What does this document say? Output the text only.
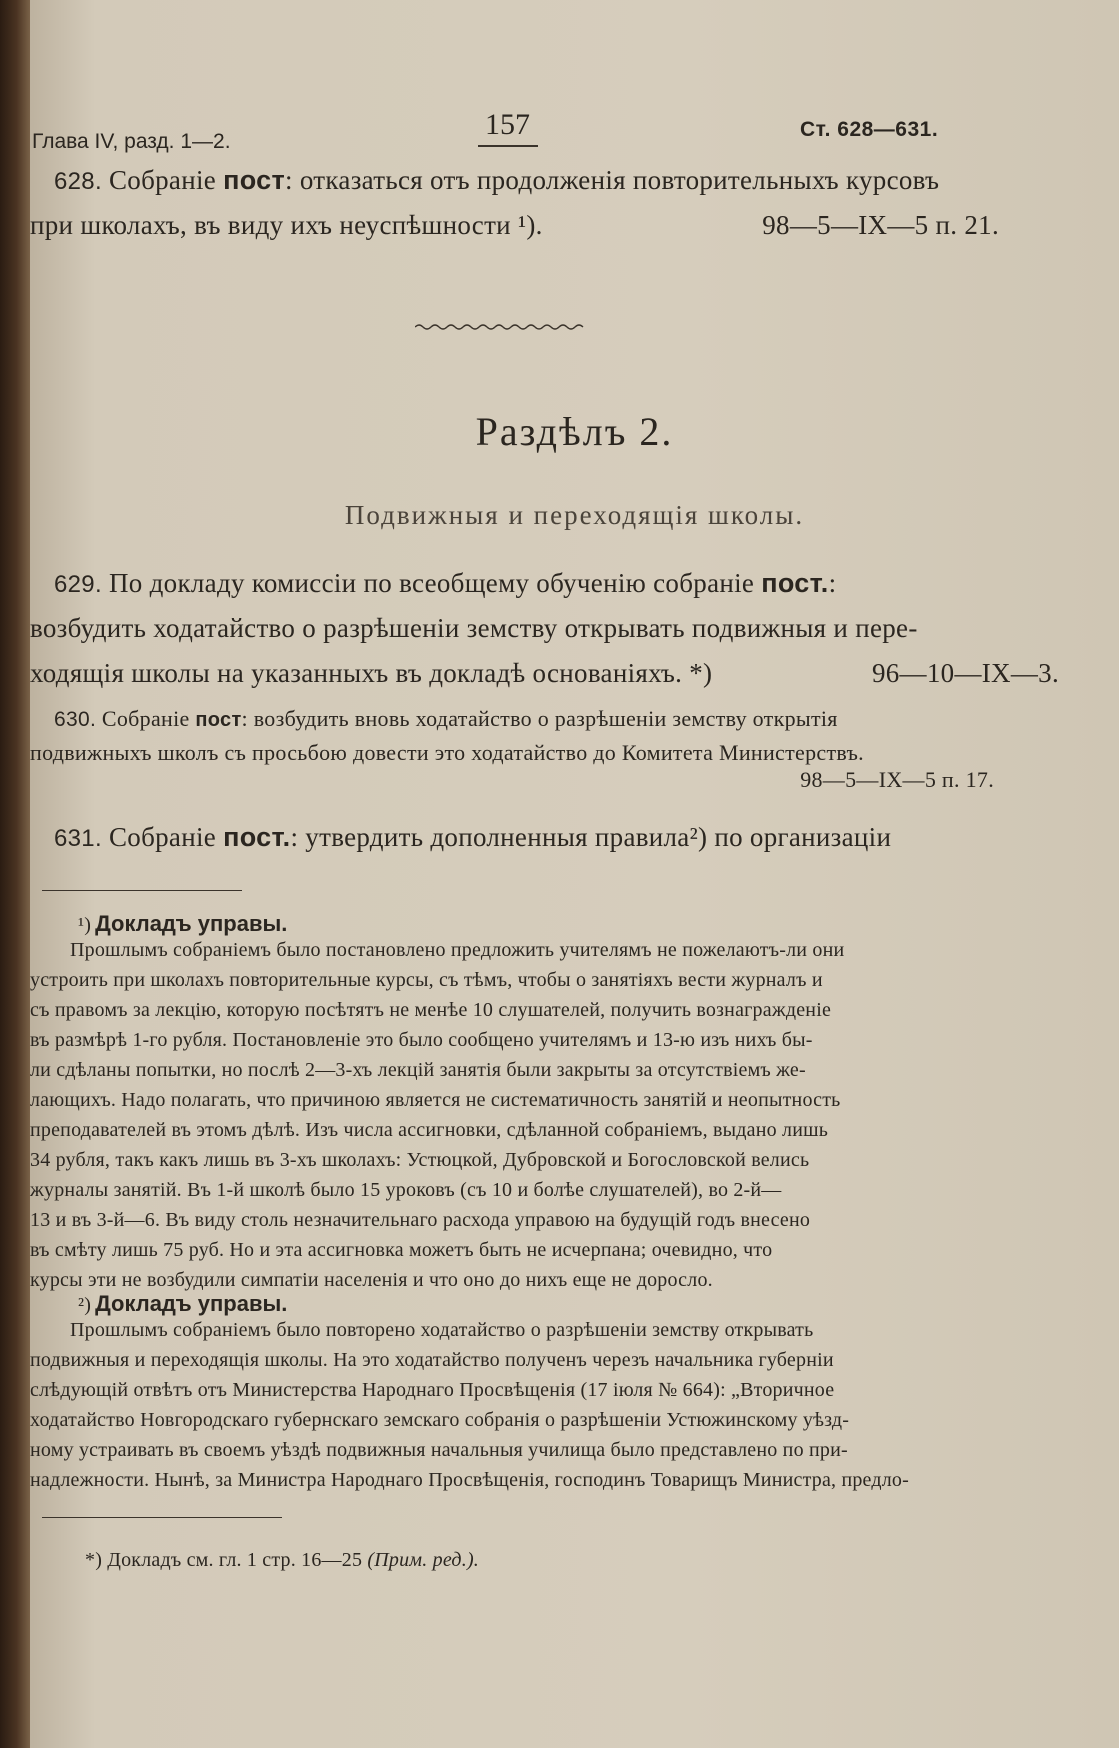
Глава IV, разд. 1—2.
157	Ст. 628—631.
628. Собраніе пост: отказаться отъ продолженія повторительныхъ курсовъ
при школахъ, въ виду ихъ неуспѣшности ¹).	98—5—IX—5 п. 21.
Раздѣлъ 2.
Подвижныя и переходящія школы.
629. По докладу комиссіи по всеобщему обученію собраніе пост.:
возбудить ходатайство о разрѣшеніи земству открывать подвижныя и пере-
ходящія школы на указанныхъ въ докладѣ основаніяхъ. *)	96—10—IX—3.
630. Собраніе пост: возбудить вновь ходатайство о разрѣшеніи земству открытія
подвижныхъ школъ съ просьбою довести это ходатайство до Комитета Министерствъ.
98—5—IX—5 п. 17.
631. Собраніе пост.: утвердить дополненныя правила²) по организаціи
¹) Докладъ управы.
Прошлымъ собраніемъ было постановлено предложить учителямъ не пожелаютъ-ли они
устроить при школахъ повторительные курсы, съ тѣмъ, чтобы о занятіяхъ вести журналъ и
съ правомъ за лекцію, которую посѣтятъ не менѣе 10 слушателей, получить вознагражденіе
въ размѣрѣ 1-го рубля. Постановленіе это было сообщено учителямъ и 13-ю изъ нихъ бы-
ли сдѣланы попытки, но послѣ 2—3-хъ лекцій занятія были закрыты за отсутствіемъ же-
лающихъ. Надо полагать, что причиною является не систематичность занятій и неопытность
преподавателей въ этомъ дѣлѣ. Изъ числа ассигновки, сдѣланной собраніемъ, выдано лишь
34 рубля, такъ какъ лишь въ 3-хъ школахъ: Устюцкой, Дубровской и Богословской велись
журналы занятій. Въ 1-й школѣ было 15 уроковъ (съ 10 и болѣе слушателей), во 2-й—
13 и въ 3-й—6. Въ виду столь незначительнаго расхода управою на будущій годъ внесено
въ смѣту лишь 75 руб. Но и эта ассигновка можетъ быть не исчерпана; очевидно, что
курсы эти не возбудили симпатіи населенія и что оно до нихъ еще не доросло.
²) Докладъ управы.
Прошлымъ собраніемъ было повторено ходатайство о разрѣшеніи земству открывать
подвижныя и переходящія школы. На это ходатайство полученъ черезъ начальника губерніи
слѣдующій отвѣтъ отъ Министерства Народнаго Просвѣщенія (17 іюля № 664): „Вторичное
ходатайство Новгородскаго губернскаго земскаго собранія о разрѣшеніи Устюжинскому уѣзд-
ному устраивать въ своемъ уѣздѣ подвижныя начальныя училища было представлено по при-
надлежности. Нынѣ, за Министра Народнаго Просвѣщенія, господинъ Товарищъ Министра, предло-
*) Докладъ см. гл. 1 стр. 16—25 (Прим. ред.).
